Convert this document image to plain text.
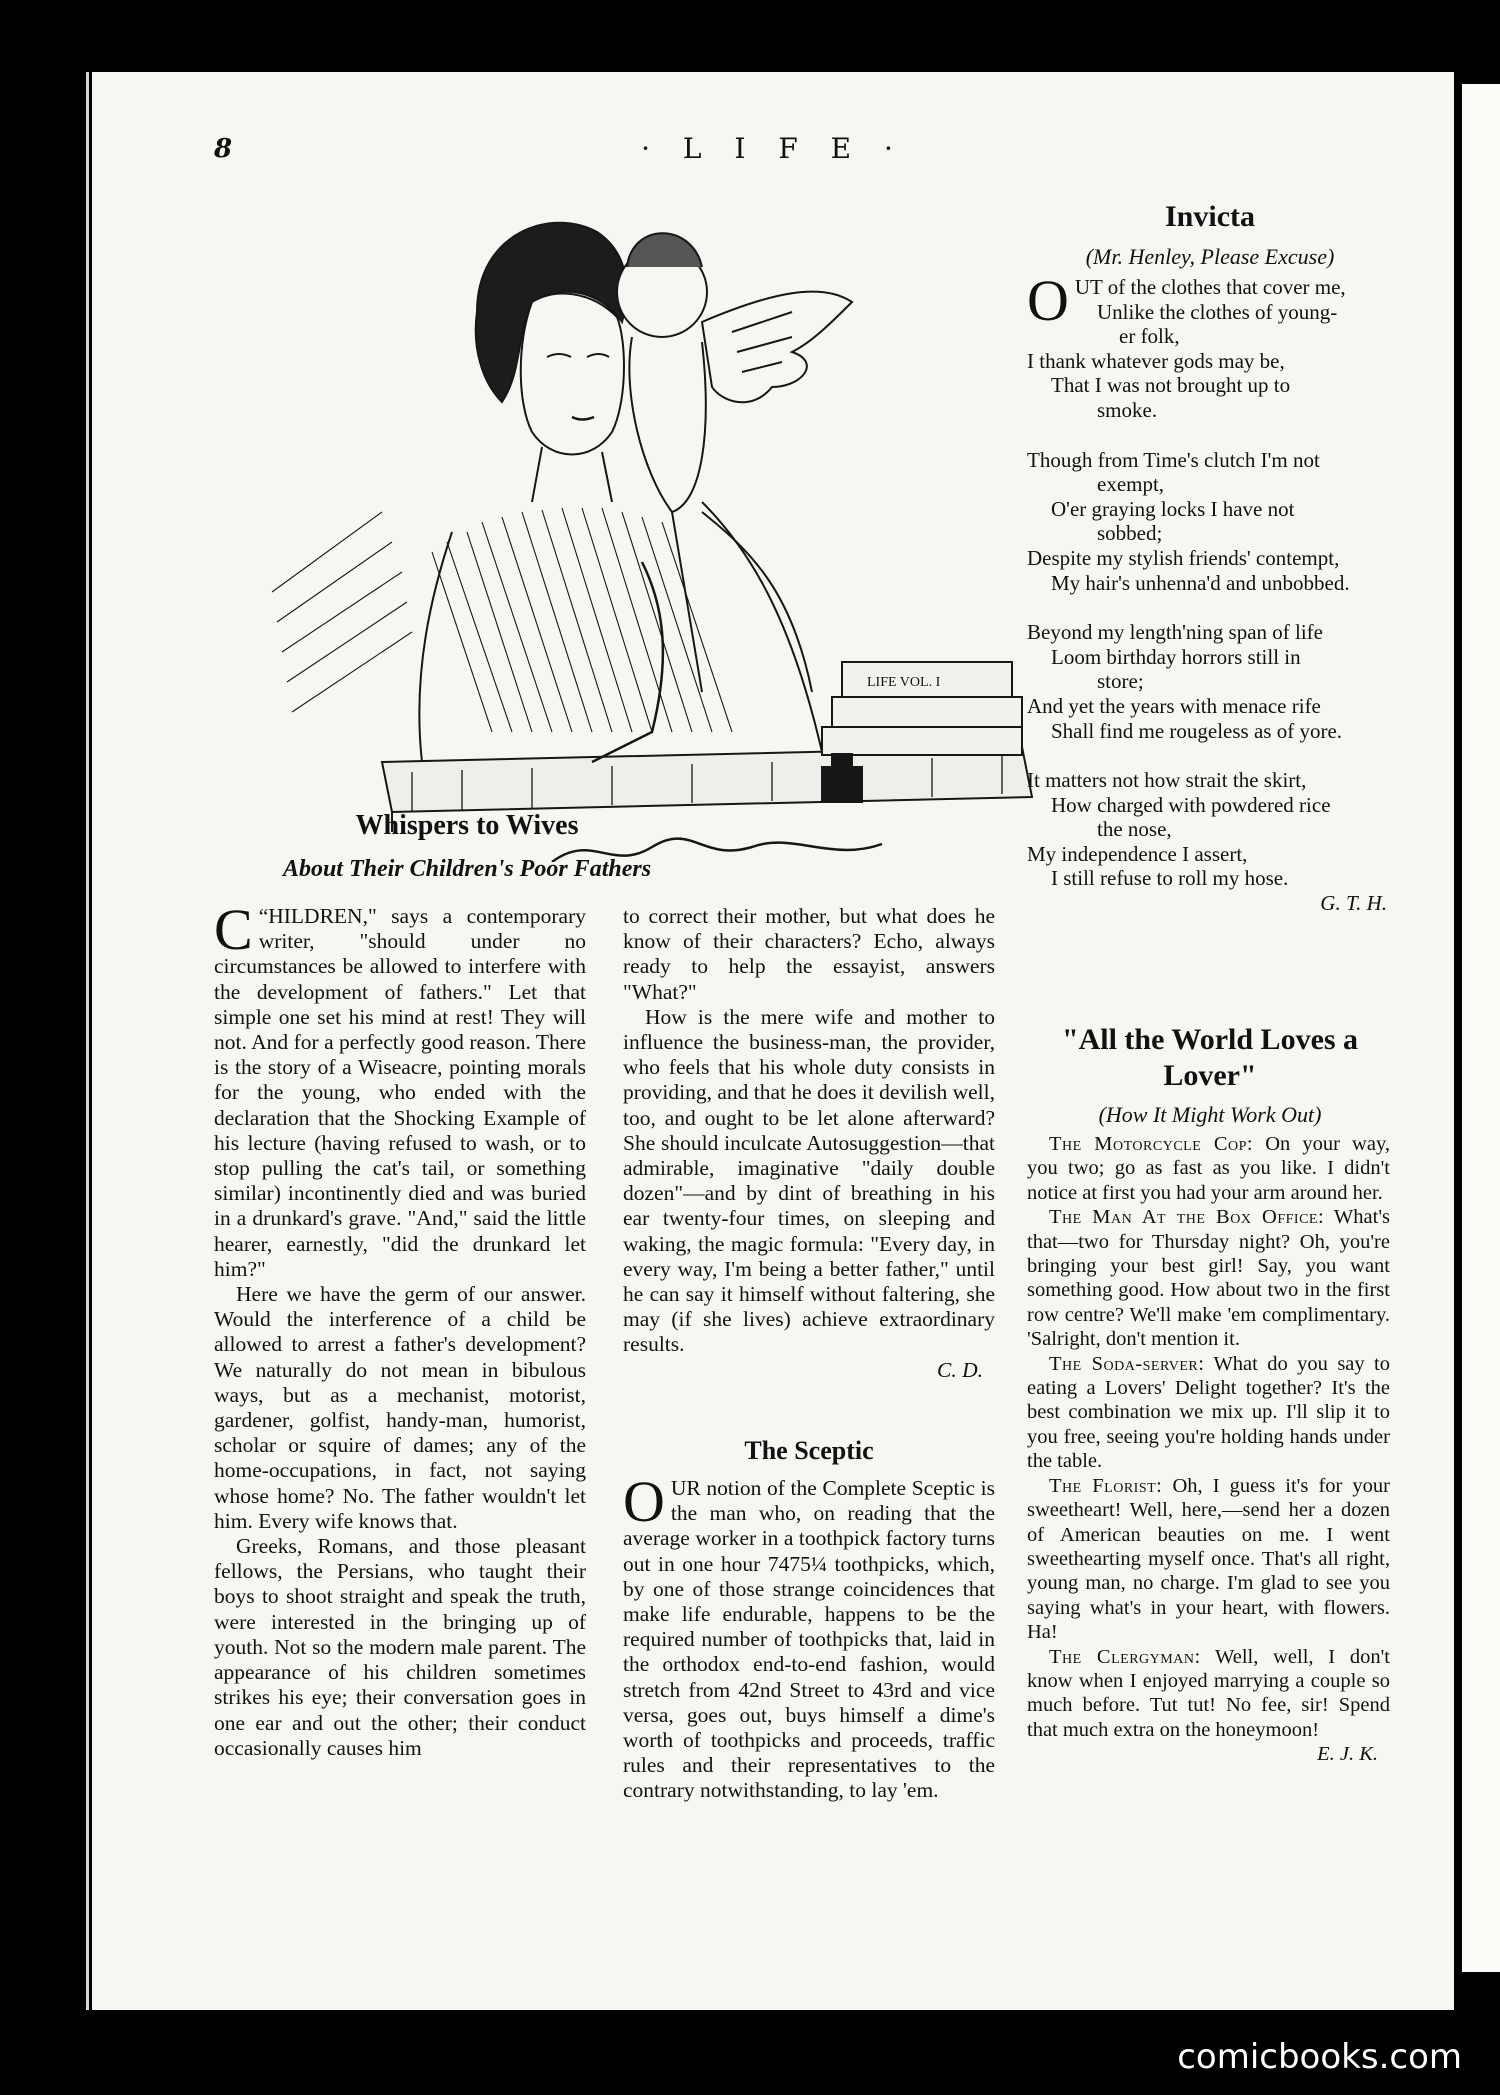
8	· L I F E ·
LIFE VOL. I
Whispers to Wives
About Their Children's Poor Fathers

“
C HILDREN," says a contemporary writer, "should under no circumstances be allowed to interfere with the development of fathers." Let that simple one set his mind at rest! They will not. And for a perfectly good reason. There is the story of a Wiseacre, pointing morals for the young, who ended with the declaration that the Shocking Example of his lecture (having refused to wash, or to stop pulling the cat's tail, or something similar) incontinently died and was buried in a drunkard's grave. "And," said the little hearer, earnestly, "did the drunkard let him?"

Here we have the germ of our answer. Would the interference of a child be allowed to arrest a father's development? We naturally do not mean in bibulous ways, but as a mechanist, motorist, gardener, golfist, handy-man, humorist, scholar or squire of dames; any of the home-occupations, in fact, not saying whose home? No. The father wouldn't let him. Every wife knows that.

Greeks, Romans, and those pleasant fellows, the Persians, who taught their boys to shoot straight and speak the truth, were interested in the bringing up of youth. Not so the modern male parent. The appearance of his children sometimes strikes his eye; their conversation goes in one ear and out the other; their conduct occasionally causes him

to correct their mother, but what does he know of their characters? Echo, always ready to help the essayist, answers "What?"

How is the mere wife and mother to influence the business-man, the provider, who feels that his whole duty consists in providing, and that he does it devilish well, too, and ought to be let alone afterward? She should inculcate Autosuggestion—that admirable, imaginative "daily double dozen"—and by dint of breathing in his ear twenty-four times, on sleeping and waking, the magic formula: "Every day, in every way, I'm being a better father," until he can say it himself without faltering, she may (if she lives) achieve extraordinary results.

C. D.
The Sceptic

OUR notion of the Complete Sceptic is the man who, on reading that the average worker in a toothpick factory turns out in one hour 7475¼ toothpicks, which, by one of those strange coincidences that make life endurable, happens to be the required number of toothpicks that, laid in the orthodox end-to-end fashion, would stretch from 42nd Street to 43rd and vice versa, goes out, buys himself a dime's worth of toothpicks and proceeds, traffic rules and their representatives to the contrary notwithstanding, to lay 'em.

Invicta
(Mr. Henley, Please Excuse)
OUT of the clothes that cover me,
Unlike the clothes of young-
er folk,
I thank whatever gods may be,
That I was not brought up to
smoke.
Though from Time's clutch I'm not
exempt,
O'er graying locks I have not
sobbed;
Despite my stylish friends' contempt,
My hair's unhenna'd and unbobbed.
Beyond my length'ning span of life
Loom birthday horrors still in
store;
And yet the years with menace rife
Shall find me rougeless as of yore.
It matters not how strait the skirt,
How charged with powdered rice
the nose,
My independence I assert,
I still refuse to roll my hose.
G. T. H.
"All the World Loves a Lover"
(How It Might Work Out)

The Motorcycle Cop: On your way, you two; go as fast as you like. I didn't notice at first you had your arm around her.

The Man At the Box Office: What's that—two for Thursday night? Oh, you're bringing your best girl! Say, you want something good. How about two in the first row centre? We'll make 'em complimentary. 'Salright, don't mention it.

The Soda-server: What do you say to eating a Lovers' Delight together? It's the best combination we mix up. I'll slip it to you free, seeing you're holding hands under the table.

The Florist: Oh, I guess it's for your sweetheart! Well, here,—send her a dozen of American beauties on me. I went sweethearting myself once. That's all right, young man, no charge. I'm glad to see you saying what's in your heart, with flowers. Ha!

The Clergyman: Well, well, I don't know when I enjoyed marrying a couple so much before. Tut tut! No fee, sir! Spend that much extra on the honeymoon!

E. J. K.
comicbooks.com
